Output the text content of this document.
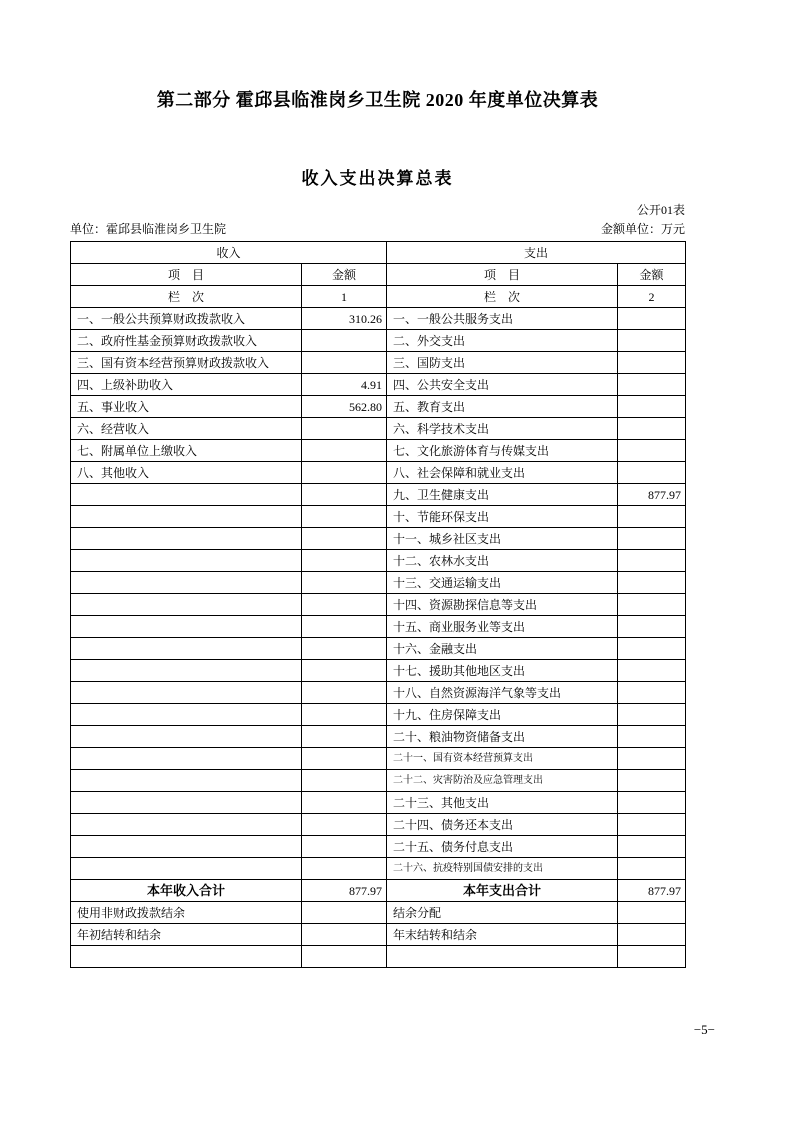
第二部分 霍邱县临淮岗乡卫生院 2020 年度单位决算表
收入支出决算总表
公开01表
单位：霍邱县临淮岗乡卫生院	金额单位：万元
收入		支出	
项　目	金额	项　目	金额
栏　次	1	栏　次	2
一、一般公共预算财政拨款收入	310.26	一、一般公共服务支出	
二、政府性基金预算财政拨款收入		二、外交支出	
三、国有资本经营预算财政拨款收入		三、国防支出	
四、上级补助收入	4.91	四、公共安全支出	
五、事业收入	562.80	五、教育支出	
六、经营收入		六、科学技术支出	
七、附属单位上缴收入		七、文化旅游体育与传媒支出	
八、其他收入		八、社会保障和就业支出	
		九、卫生健康支出	877.97
		十、节能环保支出	
		十一、城乡社区支出	
		十二、农林水支出	
		十三、交通运输支出	
		十四、资源勘探信息等支出	
		十五、商业服务业等支出	
		十六、金融支出	
		十七、援助其他地区支出	
		十八、自然资源海洋气象等支出	
		十九、住房保障支出	
		二十、粮油物资储备支出	
		二十一、国有资本经营预算支出	
		二十二、灾害防治及应急管理支出	
		二十三、其他支出	
		二十四、债务还本支出	
		二十五、债务付息支出	
		二十六、抗疫特别国债安排的支出	
本年收入合计	877.97	本年支出合计	877.97
使用非财政拨款结余		结余分配	
年初结转和结余		年末结转和结余	

−5−
